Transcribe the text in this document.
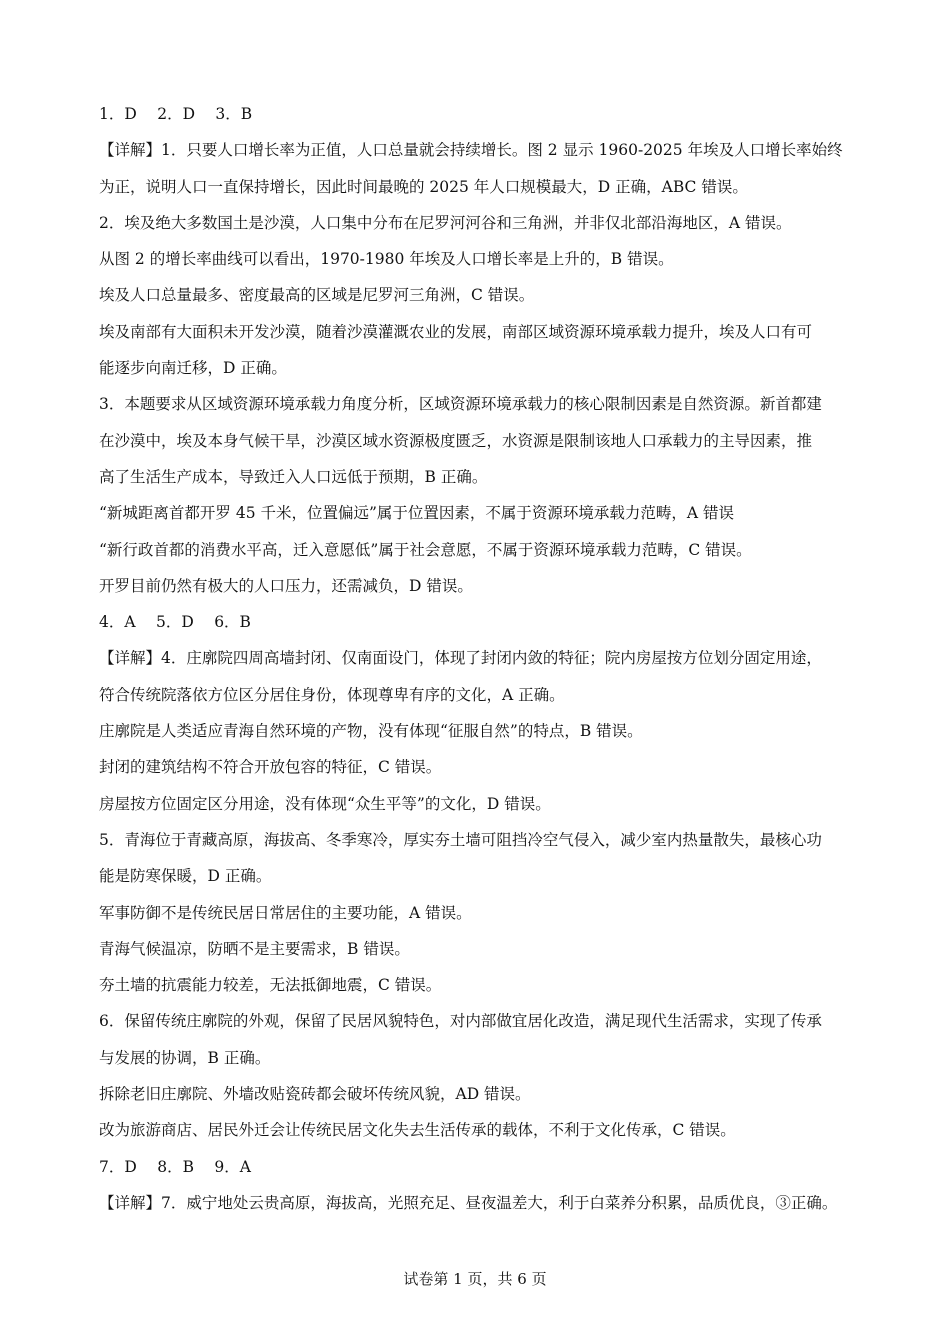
1．D　 2．D　 3．B
【详解】1．只要人口增长率为正值，人口总量就会持续增长。图 2 显示 1960-2025 年埃及人口增长率始终
为正，说明人口一直保持增长，因此时间最晚的 2025 年人口规模最大，D 正确，ABC 错误。
2．埃及绝大多数国土是沙漠，人口集中分布在尼罗河河谷和三角洲，并非仅北部沿海地区，A 错误。
从图 2 的增长率曲线可以看出，1970-1980 年埃及人口增长率是上升的，B 错误。
埃及人口总量最多、密度最高的区域是尼罗河三角洲，C 错误。
埃及南部有大面积未开发沙漠，随着沙漠灌溉农业的发展，南部区域资源环境承载力提升，埃及人口有可
能逐步向南迁移，D 正确。
3．本题要求从区域资源环境承载力角度分析，区域资源环境承载力的核心限制因素是自然资源。新首都建
在沙漠中，埃及本身气候干旱，沙漠区域水资源极度匮乏，水资源是限制该地人口承载力的主导因素，推
高了生活生产成本，导致迁入人口远低于预期，B 正确。
“新城距离首都开罗 45 千米，位置偏远”属于位置因素，不属于资源环境承载力范畴，A 错误
“新行政首都的消费水平高，迁入意愿低”属于社会意愿，不属于资源环境承载力范畴，C 错误。
开罗目前仍然有极大的人口压力，还需减负，D 错误。
4．A　 5．D　 6．B
【详解】4．庄廓院四周高墙封闭、仅南面设门，体现了封闭内敛的特征；院内房屋按方位划分固定用途，
符合传统院落依方位区分居住身份，体现尊卑有序的文化，A 正确。
庄廓院是人类适应青海自然环境的产物，没有体现“征服自然”的特点，B 错误。
封闭的建筑结构不符合开放包容的特征，C 错误。
房屋按方位固定区分用途，没有体现“众生平等”的文化，D 错误。
5．青海位于青藏高原，海拔高、冬季寒冷，厚实夯土墙可阻挡冷空气侵入，减少室内热量散失，最核心功
能是防寒保暖，D 正确。
军事防御不是传统民居日常居住的主要功能，A 错误。
青海气候温凉，防晒不是主要需求，B 错误。
夯土墙的抗震能力较差，无法抵御地震，C 错误。
6．保留传统庄廓院的外观，保留了民居风貌特色，对内部做宜居化改造，满足现代生活需求，实现了传承
与发展的协调，B 正确。
拆除老旧庄廓院、外墙改贴瓷砖都会破坏传统风貌，AD 错误。
改为旅游商店、居民外迁会让传统民居文化失去生活传承的载体，不利于文化传承，C 错误。
7．D　 8．B　 9．A
【详解】7．威宁地处云贵高原，海拔高，光照充足、昼夜温差大，利于白菜养分积累，品质优良，③正确。
试卷第 1 页，共 6 页
